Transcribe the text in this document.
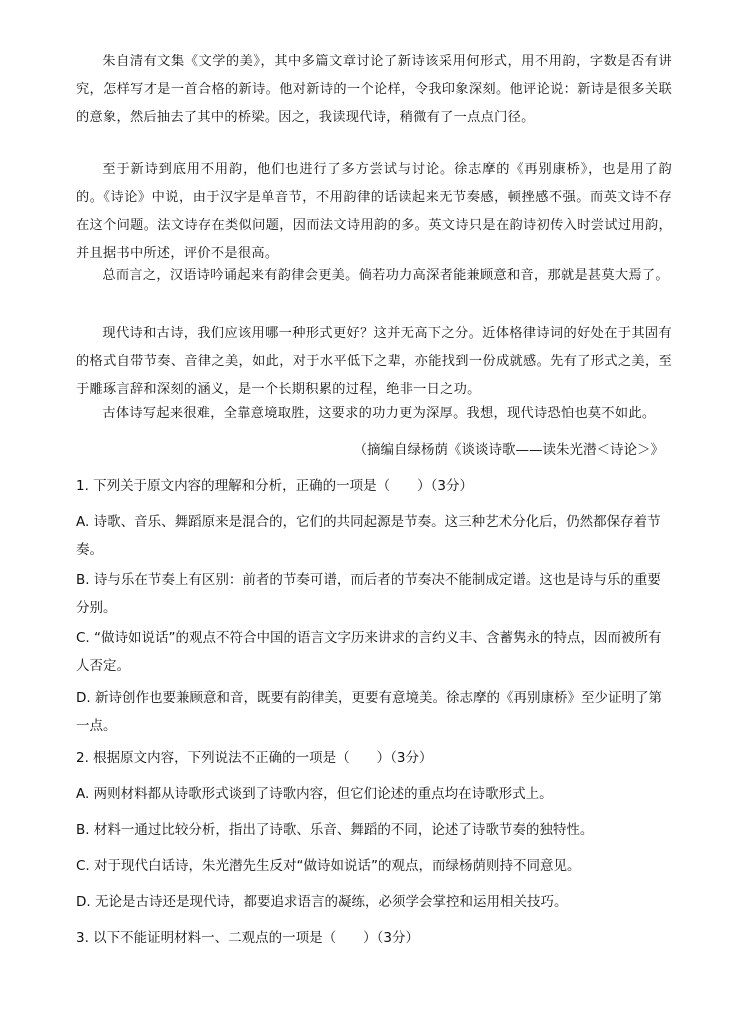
朱自清有文集《文学的美》，其中多篇文章讨论了新诗该采用何形式，用不用韵，字数是否有讲究，怎样写才是一首合格的新诗。他对新诗的一个论样，令我印象深刻。他评论说：新诗是很多关联的意象，然后抽去了其中的桥梁。因之，我读现代诗，稍微有了一点点门径。

至于新诗到底用不用韵，他们也进行了多方尝试与讨论。徐志摩的《再别康桥》，也是用了韵的。《诗论》中说，由于汉字是单音节，不用韵律的话读起来无节奏感，顿挫感不强。而英文诗不存在这个问题。法文诗存在类似问题，因而法文诗用韵的多。英文诗只是在韵诗初传入时尝试过用韵，并且据书中所述，评价不是很高。

总而言之，汉语诗吟诵起来有韵律会更美。倘若功力高深者能兼顾意和音，那就是甚莫大焉了。

现代诗和古诗，我们应该用哪一种形式更好？这并无高下之分。近体格律诗词的好处在于其固有的格式自带节奏、音律之美，如此，对于水平低下之辈，亦能找到一份成就感。先有了形式之美，至于雕琢言辞和深刻的涵义，是一个长期积累的过程，绝非一日之功。

古体诗写起来很难，全靠意境取胜，这要求的功力更为深厚。我想，现代诗恐怕也莫不如此。

（摘编自绿杨荫《谈谈诗歌——读朱光潜＜诗论＞》

1. 下列关于原文内容的理解和分析，正确的一项是（　　）（3分）

A. 诗歌、音乐、舞蹈原来是混合的，它们的共同起源是节奏。这三种艺术分化后，仍然都保存着节奏。

B. 诗与乐在节奏上有区别：前者的节奏可谱，而后者的节奏决不能制成定谱。这也是诗与乐的重要分别。

C. “做诗如说话”的观点不符合中国的语言文字历来讲求的言约义丰、含蓄隽永的特点，因而被所有人否定。

D. 新诗创作也要兼顾意和音，既要有韵律美，更要有意境美。徐志摩的《再别康桥》至少证明了第一点。

2. 根据原文内容，下列说法不正确的一项是（　　）（3分）

A. 两则材料都从诗歌形式谈到了诗歌内容，但它们论述的重点均在诗歌形式上。

B. 材料一通过比较分析，指出了诗歌、乐音、舞蹈的不同，论述了诗歌节奏的独特性。

C. 对于现代白话诗，朱光潜先生反对“做诗如说话”的观点，而绿杨荫则持不同意见。

D. 无论是古诗还是现代诗，都要追求语言的凝练，必须学会掌控和运用相关技巧。

3. 以下不能证明材料一、二观点的一项是（　　）（3分）
